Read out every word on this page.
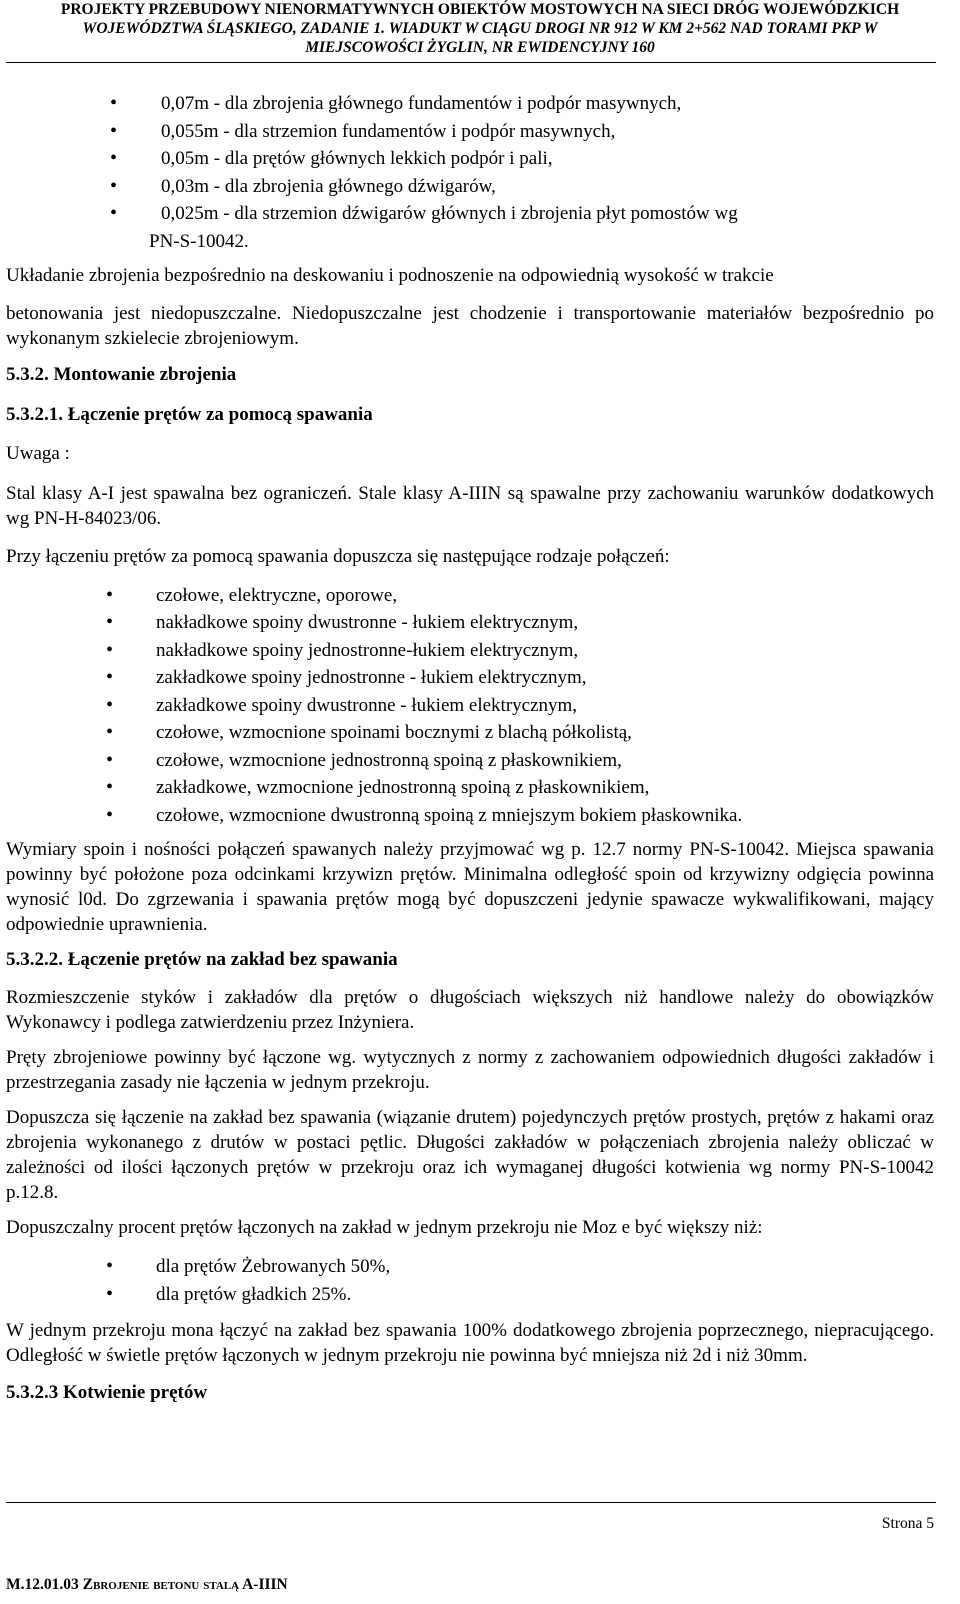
PROJEKTY PRZEBUDOWY NIENORMATYWNYCH OBIEKTÓW MOSTOWYCH NA SIECI DRÓG WOJEWÓDZKICH
WOJEWÓDZTWA ŚLĄSKIEGO, ZADANIE 1. WIADUKT W CIĄGU DROGI NR 912 W KM 2+562 NAD TORAMI PKP W
MIEJSCOWOŚCI ŻYGLIN, NR EWIDENCYJNY 160
• 0,07m - dla zbrojenia głównego fundamentów i podpór masywnych,
• 0,055m - dla strzemion fundamentów i podpór masywnych,
• 0,05m - dla prętów głównych lekkich podpór i pali,
• 0,03m - dla zbrojenia głównego dźwigarów,
• 0,025m - dla strzemion dźwigarów głównych i zbrojenia płyt pomostów wg
PN-S-10042.

Układanie zbrojenia bezpośrednio na deskowaniu i podnoszenie na odpowiednią wysokość w trakcie

betonowania jest niedopuszczalne. Niedopuszczalne jest chodzenie i transportowanie materiałów bezpośrednio po wykonanym szkielecie zbrojeniowym.

5.3.2. Montowanie zbrojenia

5.3.2.1. Łączenie prętów za pomocą spawania

Uwaga :

Stal klasy A-I jest spawalna bez ograniczeń. Stale klasy A-IIIN są spawalne przy zachowaniu warunków dodatkowych wg PN-H-84023/06.

Przy łączeniu prętów za pomocą spawania dopuszcza się następujące rodzaje połączeń:

• czołowe, elektryczne, oporowe,
• nakładkowe spoiny dwustronne - łukiem elektrycznym,
• nakładkowe spoiny jednostronne-łukiem elektrycznym,
• zakładkowe spoiny jednostronne - łukiem elektrycznym,
• zakładkowe spoiny dwustronne - łukiem elektrycznym,
• czołowe, wzmocnione spoinami bocznymi z blachą półkolistą,
• czołowe, wzmocnione jednostronną spoiną z płaskownikiem,
• zakładkowe, wzmocnione jednostronną spoiną z płaskownikiem,
• czołowe, wzmocnione dwustronną spoiną z mniejszym bokiem płaskownika.

Wymiary spoin i nośności połączeń spawanych należy przyjmować wg p. 12.7 normy PN-S-10042. Miejsca spawania powinny być położone poza odcinkami krzywizn prętów. Minimalna odległość spoin od krzywizny odgięcia powinna wynosić l0d. Do zgrzewania i spawania prętów mogą być dopuszczeni jedynie spawacze wykwalifikowani, mający odpowiednie uprawnienia.

5.3.2.2. Łączenie prętów na zakład bez spawania

Rozmieszczenie styków i zakładów dla prętów o długościach większych niż handlowe należy do obowiązków Wykonawcy i podlega zatwierdzeniu przez Inżyniera.

Pręty zbrojeniowe powinny być łączone wg. wytycznych z normy z zachowaniem odpowiednich długości zakładów i przestrzegania zasady nie łączenia w jednym przekroju.

Dopuszcza się łączenie na zakład bez spawania (wiązanie drutem) pojedynczych prętów prostych, prętów z hakami oraz zbrojenia wykonanego z drutów w postaci pętlic. Długości zakładów w połączeniach zbrojenia należy obliczać w zależności od ilości łączonych prętów w przekroju oraz ich wymaganej długości kotwienia wg normy PN-S-10042 p.12.8.

Dopuszczalny procent prętów łączonych na zakład w jednym przekroju nie Moz e być większy niż:

• dla prętów Żebrowanych 50%,
• dla prętów gładkich 25%.

W jednym przekroju mona łączyć na zakład bez spawania 100% dodatkowego zbrojenia poprzecznego, niepracującego. Odległość w świetle prętów łączonych w jednym przekroju nie powinna być mniejsza niż 2d i niż 30mm.

5.3.2.3 Kotwienie prętów

Strona 5
M.12.01.03 Zbrojenie betonu stalą A-IIIN
